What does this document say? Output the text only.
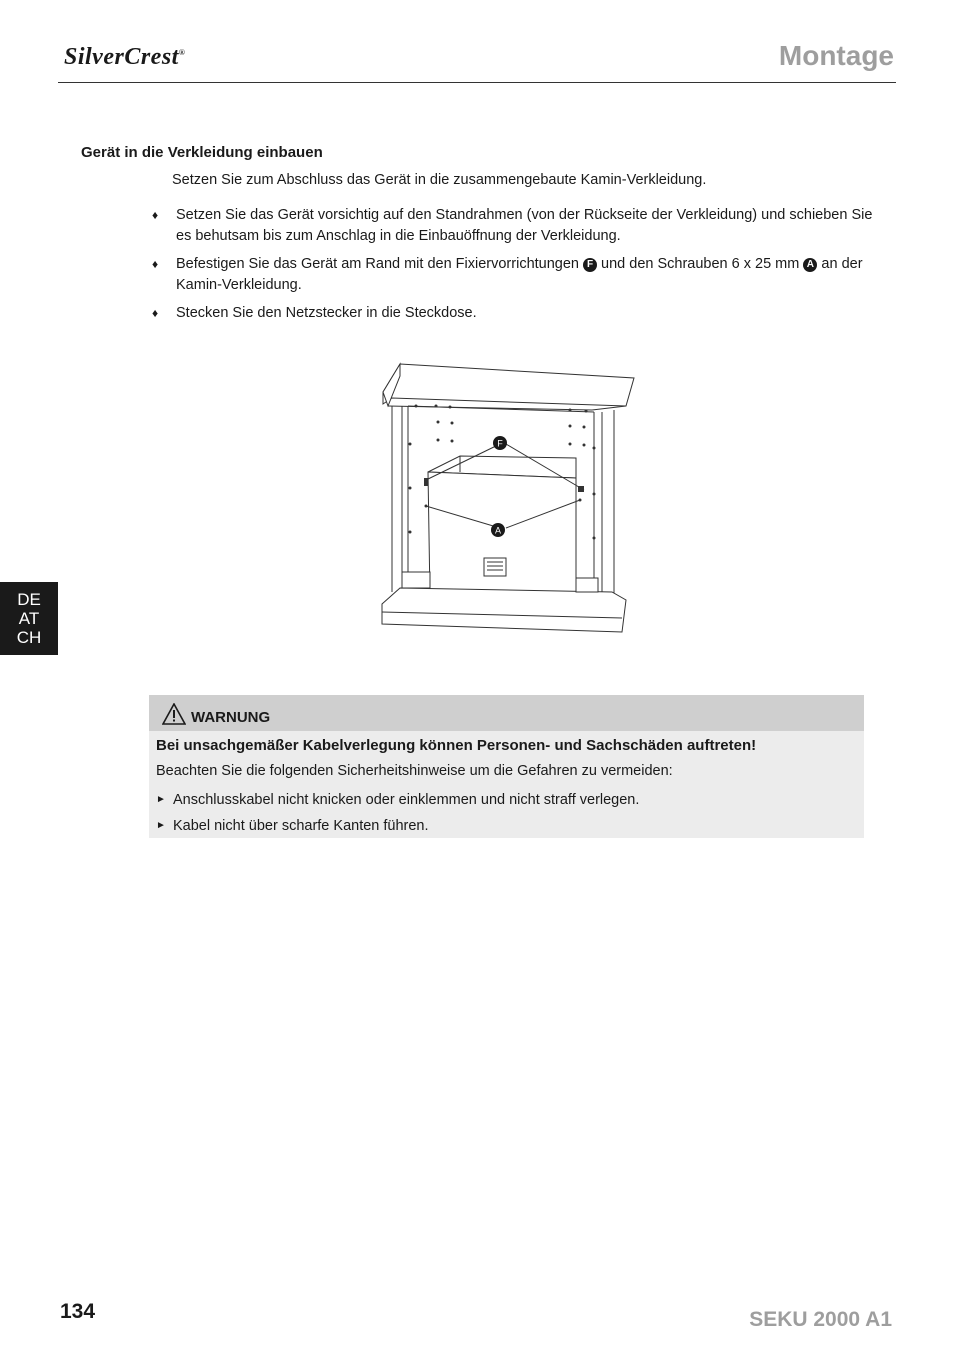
SilverCrest®	Montage
Gerät in die Verkleidung einbauen
Setzen Sie zum Abschluss das Gerät in die zusammengebaute Kamin-Verkleidung.
♦ Setzen Sie das Gerät vorsichtig auf den Standrahmen (von der Rückseite der Verkleidung) und schieben Sie es behutsam bis zum Anschlag in die Einbauöffnung der Verkleidung.
♦ Befestigen Sie das Gerät am Rand mit den Fixiervorrichtungen F und den Schrauben 6 x 25 mm A an der Kamin-Verkleidung.
♦ Stecken Sie den Netzstecker in die Steckdose.
F
A
DE
AT
CH
WARNUNG
Bei unsachgemäßer Kabelverlegung können Personen- und Sachschäden auftreten!
Beachten Sie die folgenden Sicherheitshinweise um die Gefahren zu vermeiden:
► Anschlusskabel nicht knicken oder einklemmen und nicht straff verlegen.
► Kabel nicht über scharfe Kanten führen.
134	SEKU 2000 A1
